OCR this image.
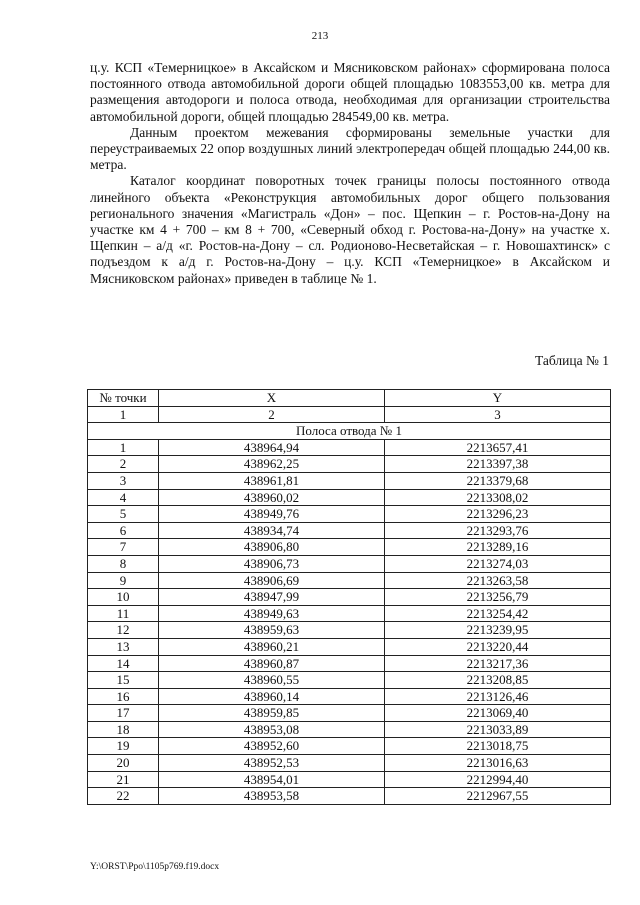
213

ц.у. КСП «Темерницкое» в Аксайском и Мясниковском районах» сформирована полоса постоянного отвода автомобильной дороги общей площадью 1083553,00 кв. метра для размещения автодороги и полоса отвода, необходимая для организации строительства автомобильной дороги, общей площадью 284549,00 кв. метра.

Данным проектом межевания сформированы земельные участки для переустраиваемых 22 опор воздушных линий электропередач общей площадью 244,00 кв. метра.

Каталог координат поворотных точек границы полосы постоянного отвода линейного объекта «Реконструкция автомобильных дорог общего пользования регионального значения «Магистраль «Дон» – пос. Щепкин – г. Ростов-на-Дону на участке км 4 + 700 – км 8 + 700, «Северный обход г. Ростова-на-Дону» на участке х. Щепкин – а/д «г. Ростов-на-Дону – сл. Родионово-Несветайская – г. Новошахтинск» с подъездом к а/д г. Ростов-на-Дону – ц.у. КСП «Темерницкое» в Аксайском и Мясниковском районах» приведен в таблице № 1.

Таблица № 1
№ точки	X	Y
1	2	3
Полоса отвода № 1		
1	438964,94	2213657,41
2	438962,25	2213397,38
3	438961,81	2213379,68
4	438960,02	2213308,02
5	438949,76	2213296,23
6	438934,74	2213293,76
7	438906,80	2213289,16
8	438906,73	2213274,03
9	438906,69	2213263,58
10	438947,99	2213256,79
11	438949,63	2213254,42
12	438959,63	2213239,95
13	438960,21	2213220,44
14	438960,87	2213217,36
15	438960,55	2213208,85
16	438960,14	2213126,46
17	438959,85	2213069,40
18	438953,08	2213033,89
19	438952,60	2213018,75
20	438952,53	2213016,63
21	438954,01	2212994,40
22	438953,58	2212967,55
Y:\ORST\Ppo\1105p769.f19.docx
